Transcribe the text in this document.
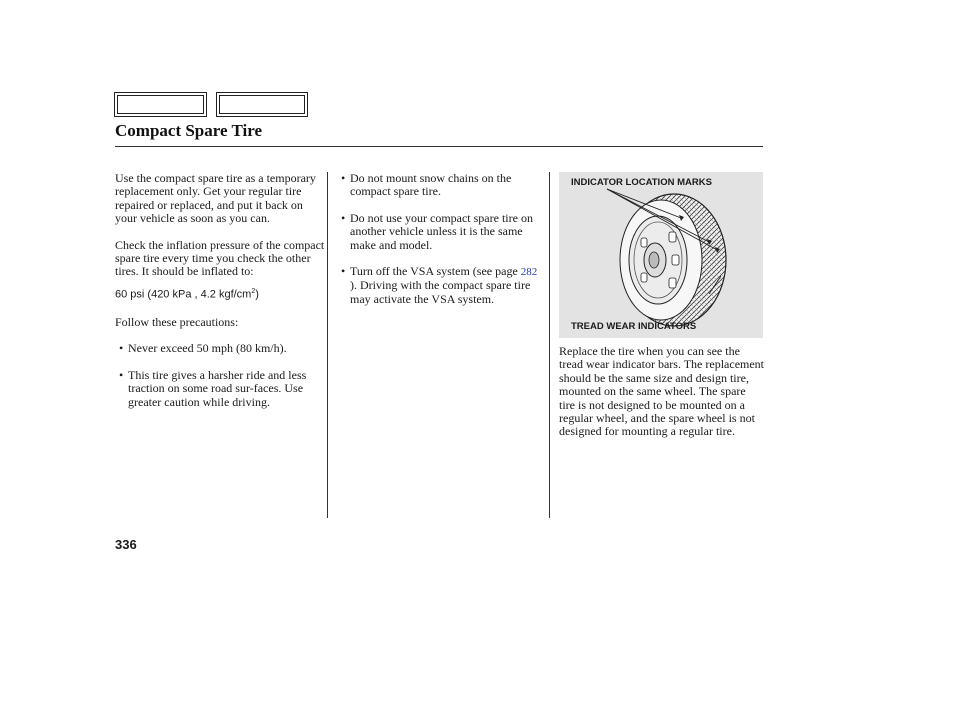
Compact Spare Tire

Use the compact spare tire as a temporary replacement only. Get your regular tire repaired or replaced, and put it back on your vehicle as soon as you can.

Check the inflation pressure of the compact spare tire every time you check the other tires. It should be inflated to:

60 psi (420 kPa , 4.2 kgf/$cm^2$)

Follow these precautions:

• Never exceed 50 mph (80 km/h).
• This tire gives a harsher ride and less traction on some road sur-faces. Use greater caution while driving.
• Do not mount snow chains on the compact spare tire.
• Do not use your compact spare tire on another vehicle unless it is the same make and model.
• Turn off the VSA system (see page 282 ). Driving with the compact spare tire may activate the VSA system.
INDICATOR LOCATION MARKS
TREAD WEAR INDICATORS

Replace the tire when you can see the tread wear indicator bars. The replacement should be the same size and design tire, mounted on the same wheel. The spare tire is not designed to be mounted on a regular wheel, and the spare wheel is not designed for mounting a regular tire.

336
